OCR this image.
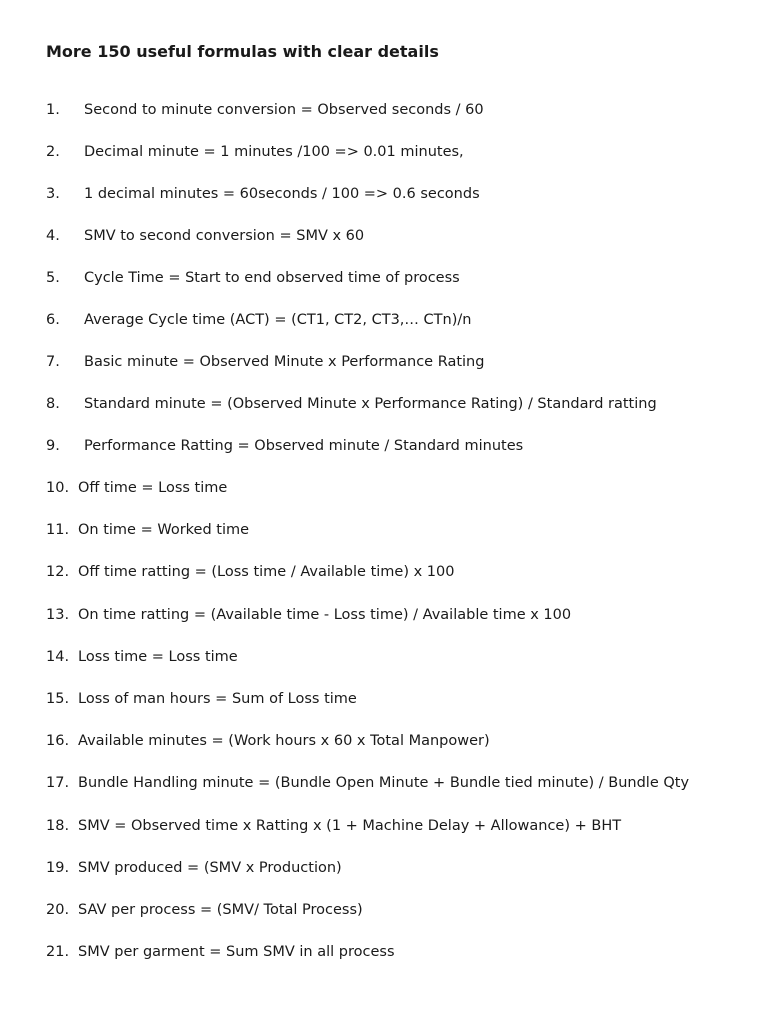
More 150 useful formulas with clear details
1. Second to minute conversion = Observed seconds / 60
2. Decimal minute = 1 minutes /100 => 0.01 minutes,
3. 1 decimal minutes = 60seconds / 100 => 0.6 seconds
4. SMV to second conversion = SMV x 60
5. Cycle Time = Start to end observed time of process
6. Average Cycle time (ACT) = (CT1, CT2, CT3,… CTn)/n
7. Basic minute = Observed Minute x Performance Rating
8. Standard minute = (Observed Minute x Performance Rating) / Standard ratting
9. Performance Ratting = Observed minute / Standard minutes
10. Off time = Loss time
11. On time = Worked time
12. Off time ratting = (Loss time / Available time) x 100
13. On time ratting = (Available time - Loss time) / Available time x 100
14. Loss time = Loss time
15. Loss of man hours = Sum of Loss time
16. Available minutes = (Work hours x 60 x Total Manpower)
17. Bundle Handling minute = (Bundle Open Minute + Bundle tied minute) / Bundle Qty
18. SMV = Observed time x Ratting x (1 + Machine Delay + Allowance) + BHT
19. SMV produced = (SMV x Production)
20. SAV per process = (SMV/ Total Process)
21. SMV per garment = Sum SMV in all process
